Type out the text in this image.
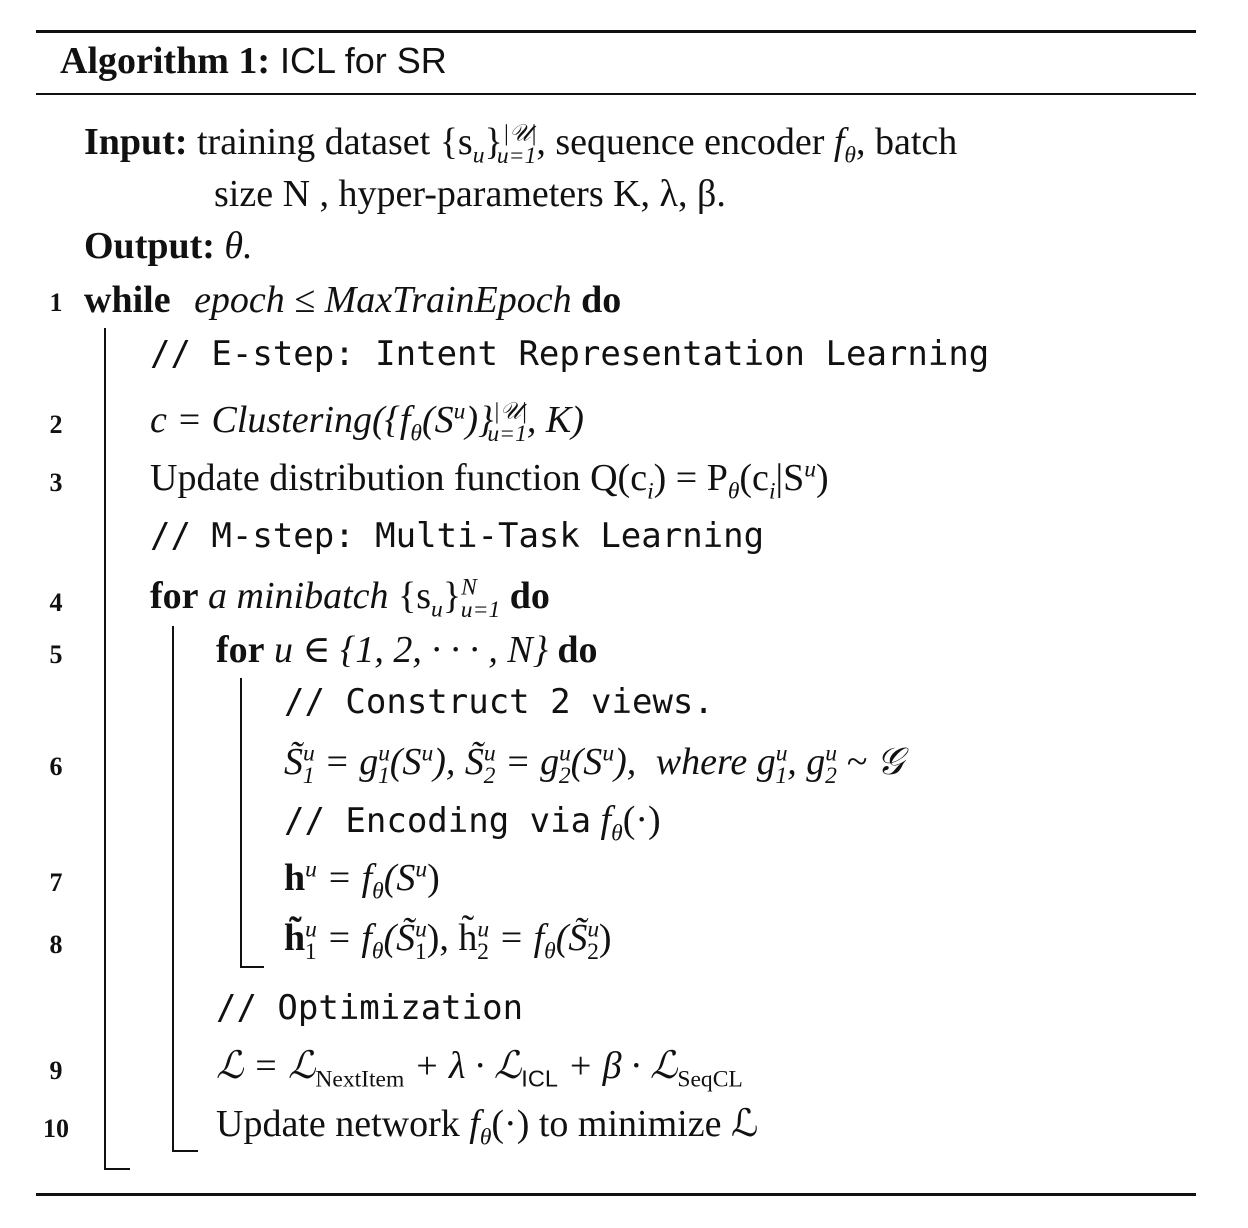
Algorithm 1: ICL for SR
Input: training dataset $\{s_u\}^{|𝒰|}_{u=1}$, sequence encoder $f_\theta$, batch
size N , hyper-parameters K, λ, β.
Output: θ.
1 while epoch ≤ MaxTrainEpoch do
// E-step: Intent Representation Learning
2	$c = Clustering(\{f_\theta(S^u)\}^{|𝒰|}_{u=1}$, K)
3	Update distribution function $Q(c_i) = P_\theta(c_i|S^u)$
// M-step: Multi-Task Learning
4	for a minibatch $\{s_u\}^N_{u=1}$ do
5	for u ∈ {1, 2, · · · , N} do
// Construct 2 views.
6	S̃$^u_1$ = $g^u_1(S^u)$, S̃$^u_2$ = $g^u_2(S^u)$, where $g^u_1$, $g^u_2$ ~ 𝒢
// Encoding via $f_\theta(\cdot)$
7	$h^u = f_\theta(S^u)$
8	h̃$^u_1$ = $f_\theta(S̃^u_1)$, h̃$^u_2$ = $f_\theta(S̃^u_2)$
// Optimization
9	ℒ = ℒ$_{NextItem}$ + λ · ℒ$_{ICL}$ + β · ℒ$_{SeqCL}$
10	Update network $f_\theta(\cdot)$ to minimize ℒ
